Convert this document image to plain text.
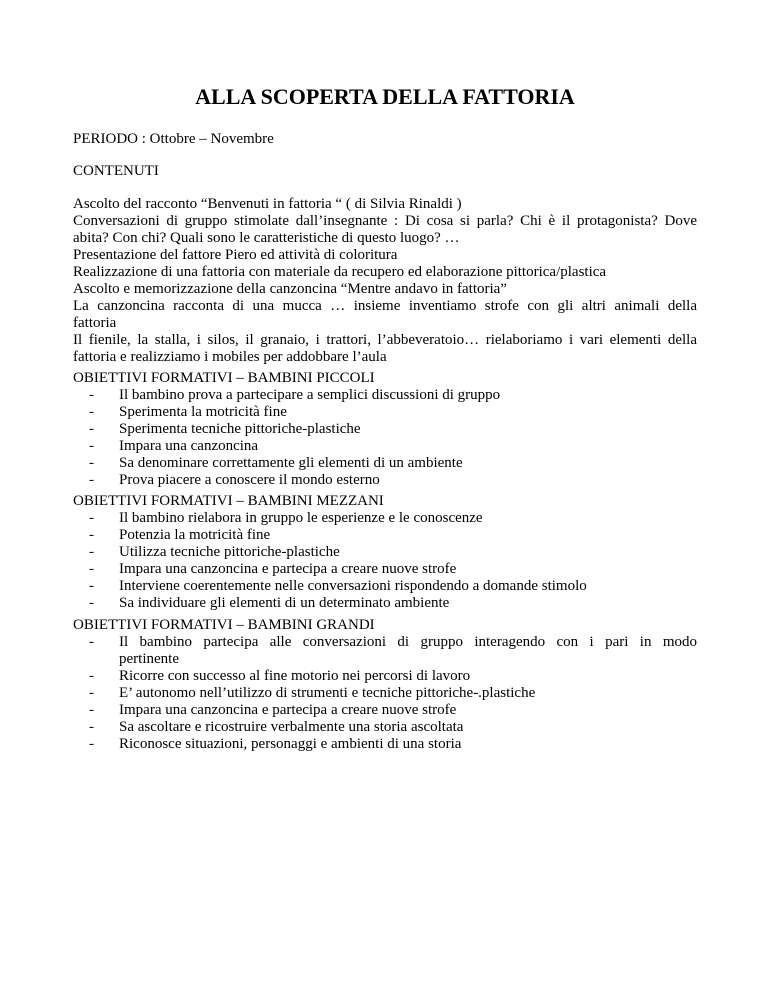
ALLA SCOPERTA DELLA FATTORIA

PERIODO : Ottobre – Novembre

CONTENUTI

Ascolto del racconto “Benvenuti in fattoria “ ( di Silvia Rinaldi )

Conversazioni di gruppo stimolate dall’insegnante : Di cosa si parla? Chi è il protagonista? Dove

abita? Con chi? Quali sono le caratteristiche di questo luogo? …

Presentazione del fattore Piero ed attività di coloritura

Realizzazione di una fattoria con materiale da recupero ed elaborazione pittorica/plastica

Ascolto e memorizzazione della canzoncina “Mentre andavo in fattoria”

La canzoncina racconta di una mucca … insieme inventiamo strofe con gli altri animali della

fattoria

Il fienile, la stalla, i silos, il granaio, i trattori, l’abbeveratoio… rielaboriamo i vari elementi della

fattoria e realizziamo i mobiles per addobbare l’aula

OBIETTIVI FORMATIVI – BAMBINI PICCOLI

- Il bambino prova a partecipare a semplici discussioni di gruppo
- Sperimenta la motricità fine
- Sperimenta tecniche pittoriche-plastiche
- Impara una canzoncina
- Sa denominare correttamente gli elementi di un ambiente
- Prova piacere a conoscere il mondo esterno

OBIETTIVI FORMATIVI – BAMBINI MEZZANI

- Il bambino rielabora in gruppo le esperienze e le conoscenze
- Potenzia la motricità fine
- Utilizza tecniche pittoriche-plastiche
- Impara una canzoncina e partecipa a creare nuove strofe
- Interviene coerentemente nelle conversazioni rispondendo a domande stimolo
- Sa individuare gli elementi di un determinato ambiente

OBIETTIVI FORMATIVI – BAMBINI GRANDI

- Il bambino partecipa alle conversazioni di gruppo interagendo con i pari in modo
pertinente
- Ricorre con successo al fine motorio nei percorsi di lavoro
- E’ autonomo nell’utilizzo di strumenti e tecniche pittoriche-.plastiche
- Impara una canzoncina e partecipa a creare nuove strofe
- Sa ascoltare e ricostruire verbalmente una storia ascoltata
- Riconosce situazioni, personaggi e ambienti di una storia
